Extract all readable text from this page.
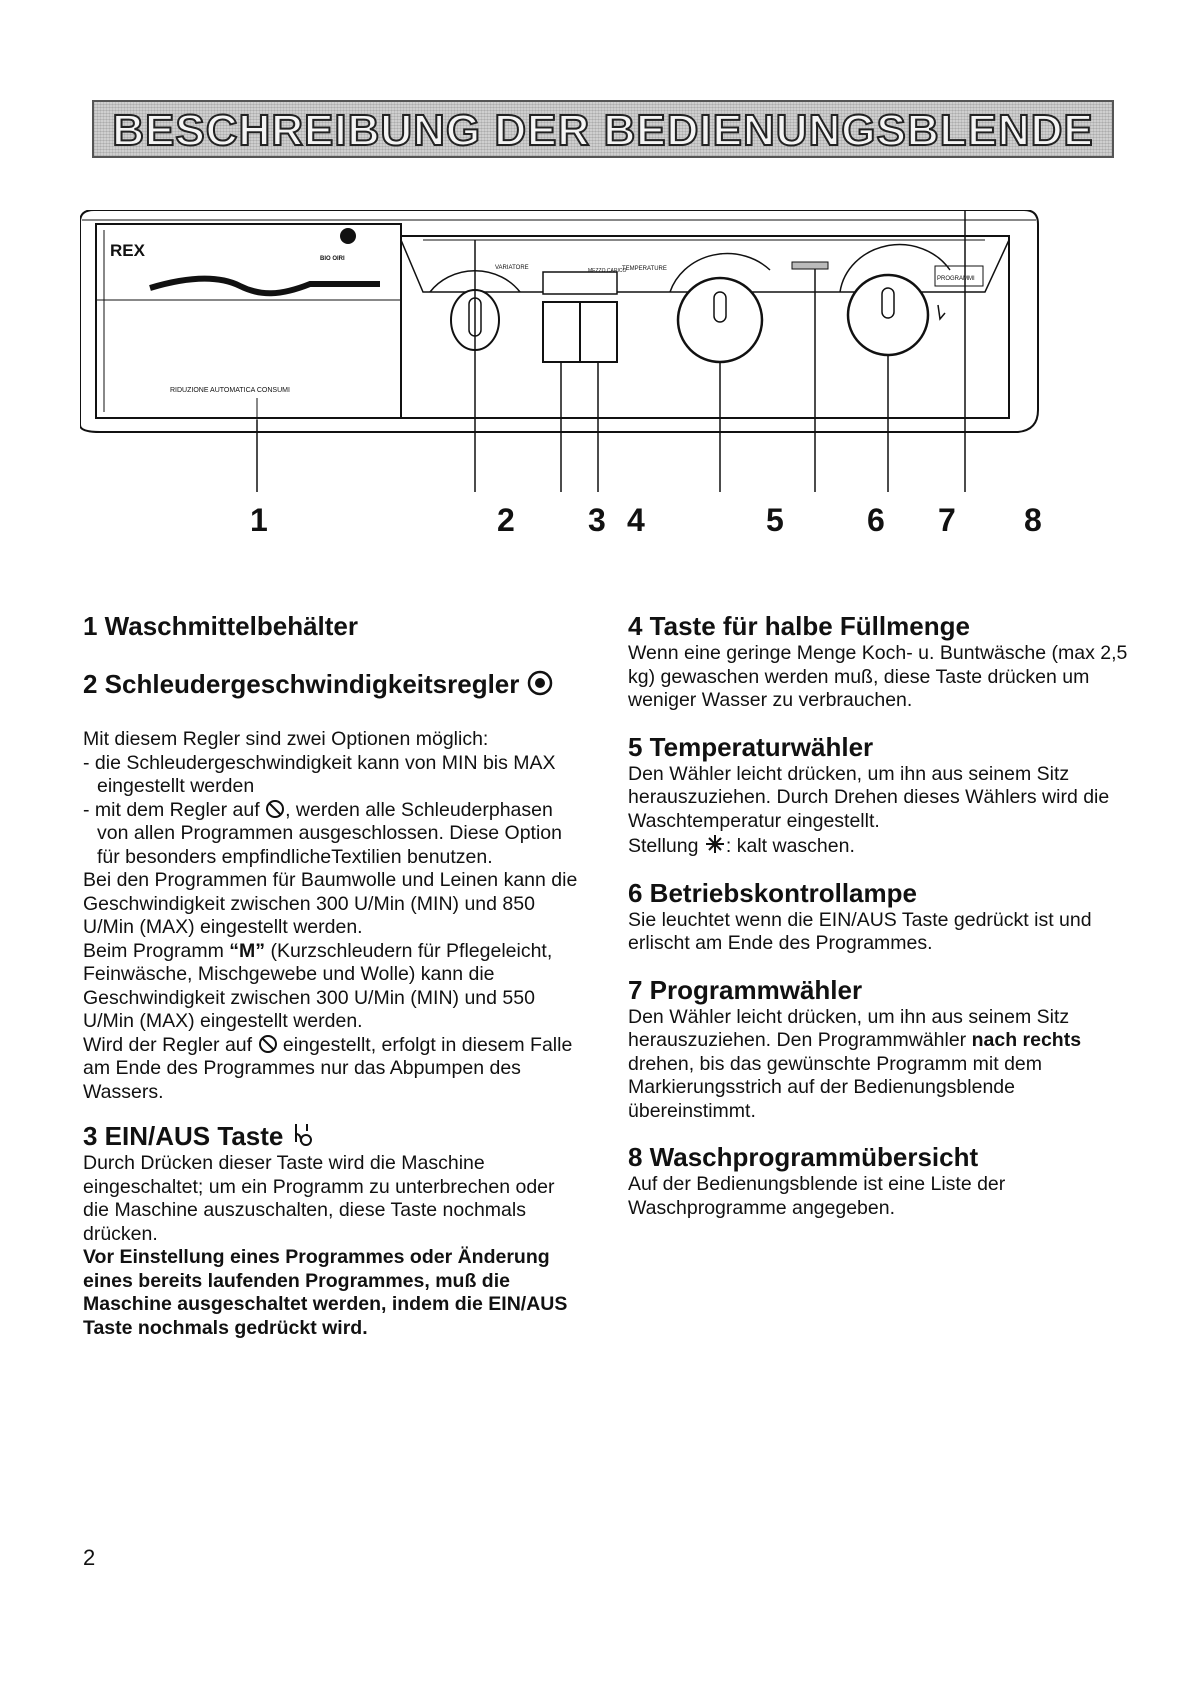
BESCHREIBUNG DER BEDIENUNGSBLENDE
RIDUZIONE AUTOMATICA CONSUMI
REX	BIO OIRI
VARIATORE	MEZZO CARICO
TEMPERATURE
PROGRAMMI
1	2 3 4	5	6 7 8
1 Waschmittelbehälter
2 Schleudergeschwindigkeitsregler

Mit diesem Regler sind zwei Optionen möglich:

- die Schleudergeschwindigkeit kann von MIN bis MAX eingestellt werden

- mit dem Regler auf , werden alle Schleuderphasen von allen Programmen ausgeschlossen. Diese Option für besonders empfindlicheTextilien benutzen.

Bei den Programmen für Baumwolle und Leinen kann die Geschwindigkeit zwischen 300 U/Min (MIN) und 850 U/Min (MAX) eingestellt werden.

Beim Programm “M” (Kurzschleudern für Pflegeleicht, Feinwäsche, Mischgewebe und Wolle) kann die Geschwindigkeit zwischen 300 U/Min (MIN) und 550 U/Min (MAX) eingestellt werden.

Wird der Regler auf  eingestellt, erfolgt in diesem Falle am Ende des Programmes nur das Abpumpen des Wassers.

3 EIN/AUS Taste

Durch Drücken dieser Taste wird die Maschine eingeschaltet; um ein Programm zu unterbrechen oder die Maschine auszuschalten, diese Taste nochmals drücken.

Vor Einstellung eines Programmes oder Änderung eines bereits laufenden Programmes, muß die Maschine ausgeschaltet werden, indem die EIN/AUS Taste nochmals gedrückt wird.

4 Taste für halbe Füllmenge

Wenn eine geringe Menge Koch- u. Buntwäsche (max 2,5 kg) gewaschen werden muß, diese Taste drücken um weniger Wasser zu verbrauchen.

5 Temperaturwähler

Den Wähler leicht drücken, um ihn aus seinem Sitz herauszuziehen. Durch Drehen dieses Wählers wird die Waschtemperatur eingestellt.

Stellung : kalt waschen.

6 Betriebskontrollampe

Sie leuchtet wenn die EIN/AUS Taste gedrückt ist und erlischt am Ende des Programmes.

7 Programmwähler

Den Wähler leicht drücken, um ihn aus seinem Sitz herauszuziehen. Den Programmwähler nach rechts drehen, bis das gewünschte Programm mit dem Markierungsstrich auf der Bedienungsblende übereinstimmt.

8 Waschprogrammübersicht

Auf der Bedienungsblende ist eine Liste der Waschprogramme angegeben.

2
